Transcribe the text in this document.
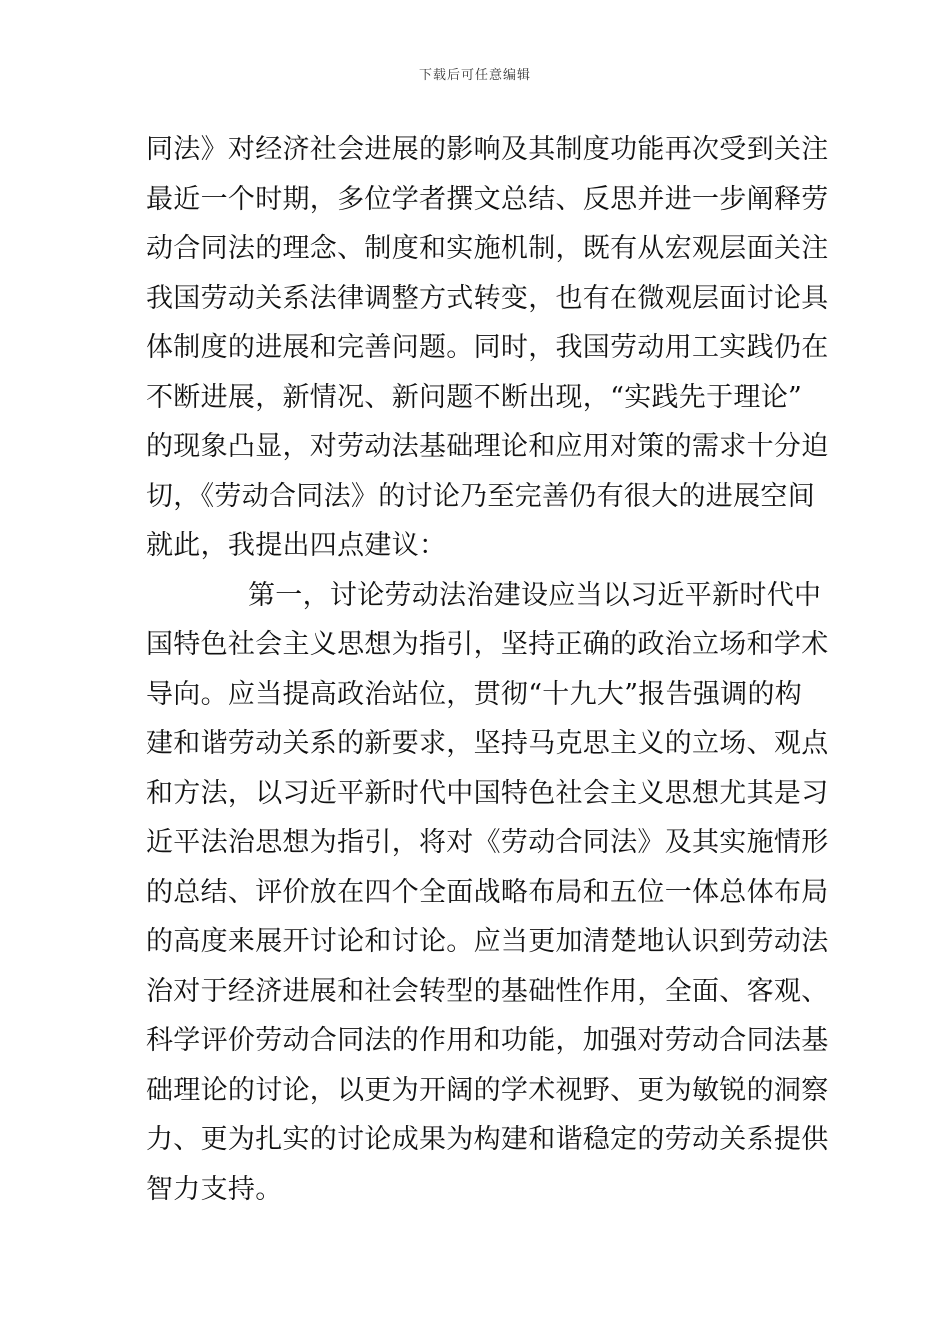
下载后可任意编辑
同法》对经济社会进展的影响及其制度功能再次受到关注
最近一个时期，多位学者撰文总结、反思并进一步阐释劳
动合同法的理念、制度和实施机制，既有从宏观层面关注
我国劳动关系法律调整方式转变，也有在微观层面讨论具
体制度的进展和完善问题。同时，我国劳动用工实践仍在
不断进展，新情况、新问题不断出现，“实践先于理论”
的现象凸显，对劳动法基础理论和应用对策的需求十分迫
切，《劳动合同法》的讨论乃至完善仍有很大的进展空间
就此，我提出四点建议：
第一，讨论劳动法治建设应当以习近平新时代中
国特色社会主义思想为指引，坚持正确的政治立场和学术
导向。应当提高政治站位，贯彻“十九大”报告强调的构
建和谐劳动关系的新要求，坚持马克思主义的立场、观点
和方法，以习近平新时代中国特色社会主义思想尤其是习
近平法治思想为指引，将对《劳动合同法》及其实施情形
的总结、评价放在四个全面战略布局和五位一体总体布局
的高度来展开讨论和讨论。应当更加清楚地认识到劳动法
治对于经济进展和社会转型的基础性作用，全面、客观、
科学评价劳动合同法的作用和功能，加强对劳动合同法基
础理论的讨论，以更为开阔的学术视野、更为敏锐的洞察
力、更为扎实的讨论成果为构建和谐稳定的劳动关系提供
智力支持。
